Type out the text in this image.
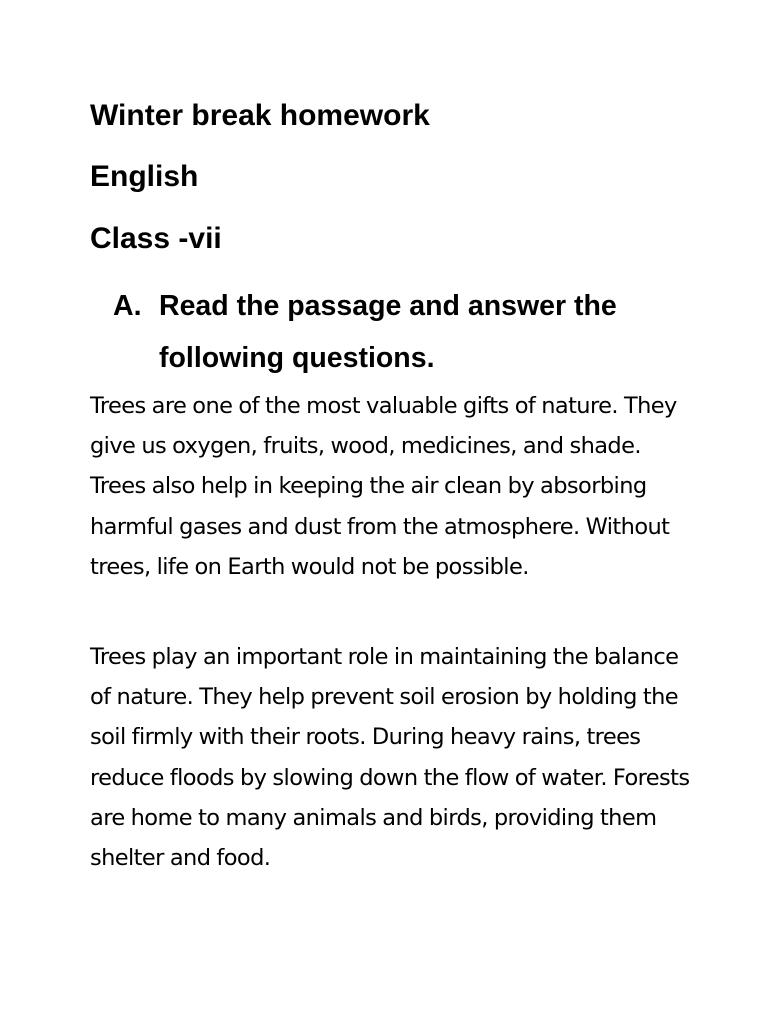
Winter break homework
English
Class -vii
A. Read the passage and answer the following questions.

Trees are one of the most valuable gifts of nature. They give us oxygen, fruits, wood, medicines, and shade. Trees also help in keeping the air clean by absorbing harmful gases and dust from the atmosphere. Without trees, life on Earth would not be possible.

Trees play an important role in maintaining the balance of nature. They help prevent soil erosion by holding the soil firmly with their roots. During heavy rains, trees reduce floods by slowing down the flow of water. Forests are home to many animals and birds, providing them shelter and food.
